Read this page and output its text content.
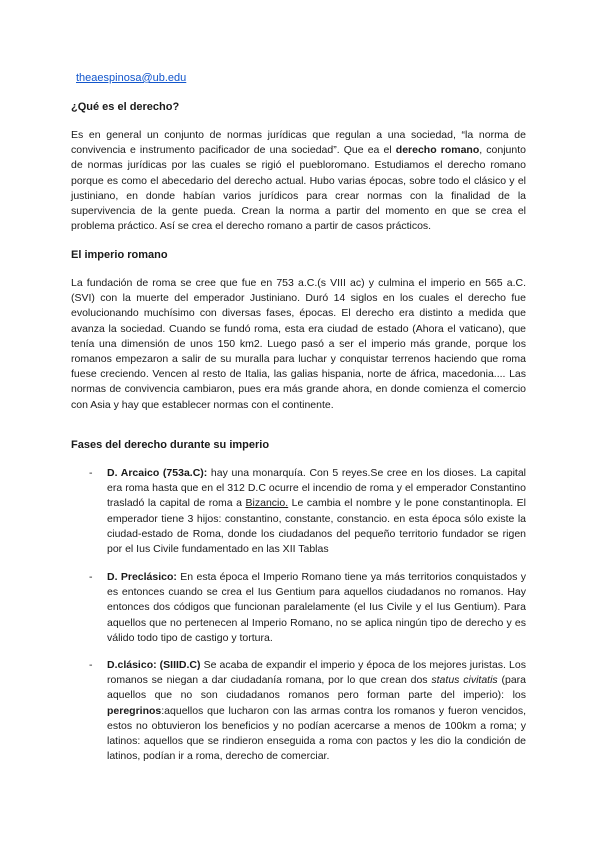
theaespinosa@ub.edu
¿Qué es el derecho?

Es en general un conjunto de normas jurídicas que regulan a una sociedad, “la norma de convivencia e instrumento pacificador de una sociedad”. Que ea el derecho romano, conjunto de normas jurídicas por las cuales se rigió el puebloromano. Estudiamos el derecho romano porque es como el abecedario del derecho actual. Hubo varias épocas, sobre todo el clásico y el justiniano, en donde habían varios jurídicos para crear normas con la finalidad de la supervivencia de la gente pueda. Crean la norma a partir del momento en que se crea el problema práctico. Así se crea el derecho romano a partir de casos prácticos.

El imperio romano

La fundación de roma se cree que fue en 753 a.C.(s VIII ac) y culmina el imperio en 565 a.C.(SVI) con la muerte del emperador Justiniano. Duró 14 siglos en los cuales el derecho fue evolucionando muchísimo con diversas fases, épocas. El derecho era distinto a medida que avanza la sociedad. Cuando se fundó roma, esta era ciudad de estado (Ahora el vaticano), que tenía una dimensión de unos 150 km2. Luego pasó a ser el imperio más grande, porque los romanos empezaron a salir de su muralla para luchar y conquistar terrenos haciendo que roma fuese creciendo. Vencen al resto de Italia, las galias hispania, norte de áfrica, macedonia.... Las normas de convivencia cambiaron, pues era más grande ahora, en donde comienza el comercio con Asia y hay que establecer normas con el continente.

Fases del derecho durante su imperio
- D. Arcaico (753a.C): hay una monarquía. Con 5 reyes.Se cree en los dioses. La capital era roma hasta que en el 312 D.C ocurre el incendio de roma y el emperador Constantino trasladó la capital de roma a Bizancio. Le cambia el nombre y le pone constantinopla. El emperador tiene 3 hijos: constantino, constante, constancio. en esta época sólo existe la ciudad-estado de Roma, donde los ciudadanos del pequeño territorio fundador se rigen por el Ius Civile fundamentado en las XII Tablas

- D. Preclásico: En esta época el Imperio Romano tiene ya más territorios conquistados y es entonces cuando se crea el Ius Gentium para aquellos ciudadanos no romanos. Hay entonces dos códigos que funcionan paralelamente (el Ius Civile y el Ius Gentium). Para aquellos que no pertenecen al Imperio Romano, no se aplica ningún tipo de derecho y es válido todo tipo de castigo y tortura.

- D.clásico: (SIIID.C) Se acaba de expandir el imperio y época de los mejores juristas. Los romanos se niegan a dar ciudadanía romana, por lo que crean dos status civitatis (para aquellos que no son ciudadanos romanos pero forman parte del imperio): los peregrinos:aquellos que lucharon con las armas contra los romanos y fueron vencidos, estos no obtuvieron los beneficios y no podían acercarse a menos de 100km a roma; y latinos: aquellos que se rindieron enseguida a roma con pactos y les dio la condición de latinos, podían ir a roma, derecho de comerciar.
